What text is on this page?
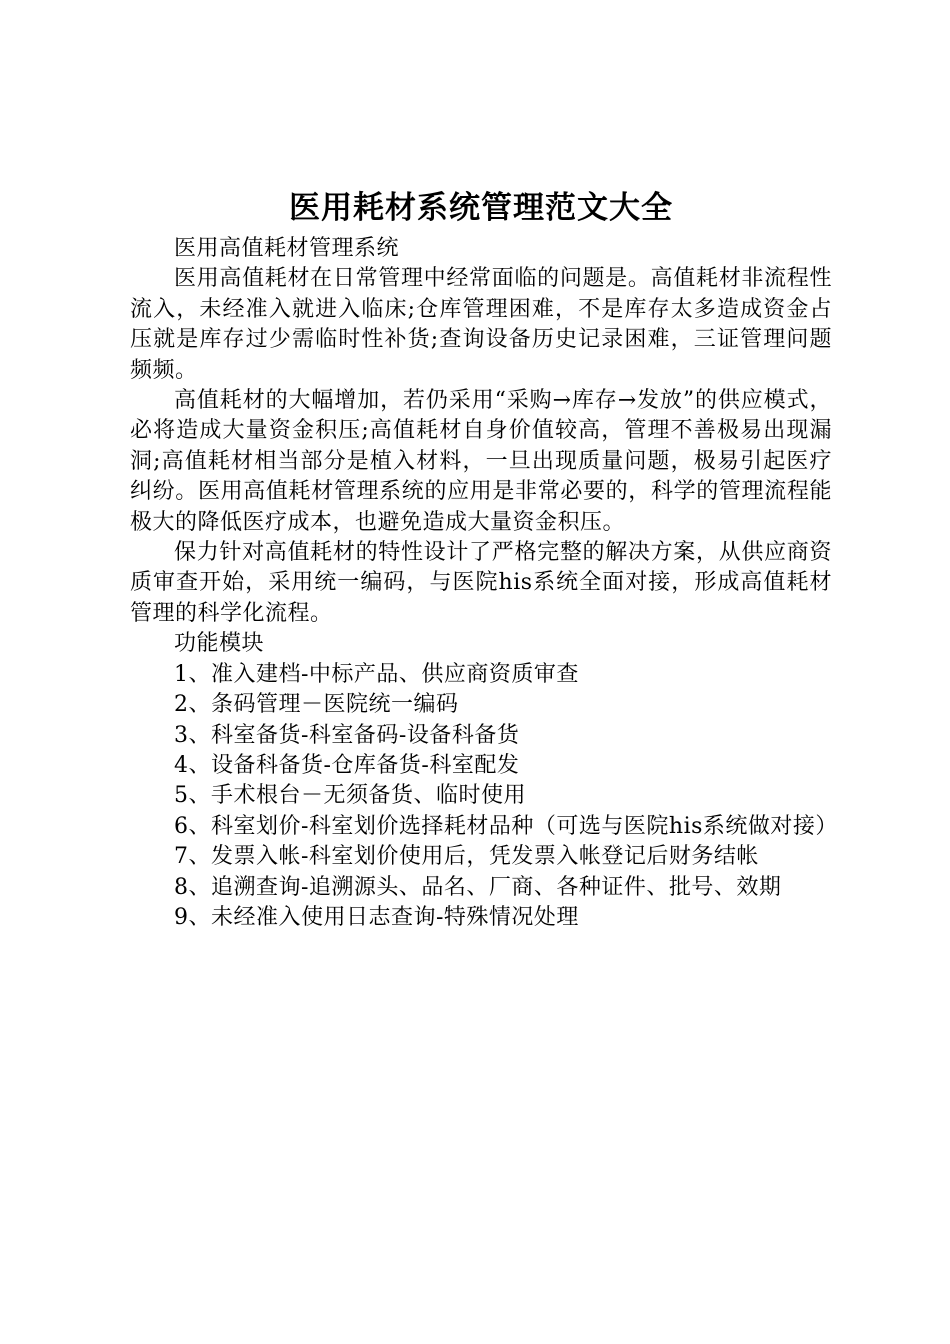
医用耗材系统管理范文大全

医用高值耗材管理系统

医用高值耗材在日常管理中经常面临的问题是。高值耗材非流程性流入，未经准入就进入临床;仓库管理困难，不是库存太多造成资金占压就是库存过少需临时性补货;查询设备历史记录困难，三证管理问题频频。

高值耗材的大幅增加，若仍采用“采购→库存→发放”的供应模式，必将造成大量资金积压;高值耗材自身价值较高，管理不善极易出现漏洞;高值耗材相当部分是植入材料，一旦出现质量问题，极易引起医疗纠纷。医用高值耗材管理系统的应用是非常必要的，科学的管理流程能极大的降低医疗成本，也避免造成大量资金积压。

保力针对高值耗材的特性设计了严格完整的解决方案，从供应商资质审查开始，采用统一编码，与医院his系统全面对接，形成高值耗材管理的科学化流程。

功能模块

1、准入建档-中标产品、供应商资质审查

2、条码管理－医院统一编码

3、科室备货-科室备码-设备科备货

4、设备科备货-仓库备货-科室配发

5、手术根台－无须备货、临时使用

6、科室划价-科室划价选择耗材品种（可选与医院his系统做对接）

7、发票入帐-科室划价使用后，凭发票入帐登记后财务结帐

8、追溯查询-追溯源头、品名、厂商、各种证件、批号、效期

9、未经准入使用日志查询-特殊情况处理
